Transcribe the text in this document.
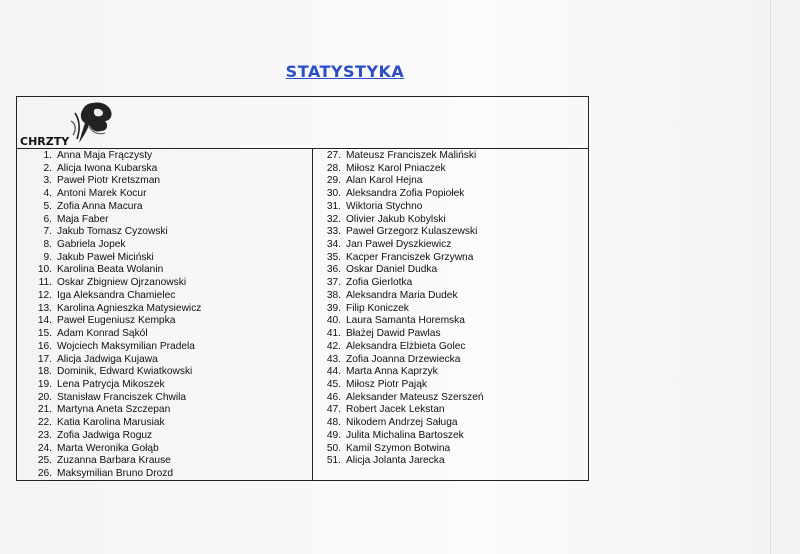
STATYSTYKA
CHRZTY
1. Anna Maja Frączysty
2. Alicja Iwona Kubarska
3. Paweł Piotr Kretszman
4. Antoni Marek Kocur
5. Zofia Anna Macura
6. Maja Faber
7. Jakub Tomasz Cyzowski
8. Gabriela Jopek
9. Jakub Paweł Miciński
10. Karolina Beata Wolanin
11. Oskar Zbigniew Ojrzanowski
12. Iga Aleksandra Chamielec
13. Karolina Agnieszka Matysiewicz
14. Paweł Eugeniusz Kempka
15. Adam Konrad Sąkól
16. Wojciech Maksymilian Pradela
17. Alicja Jadwiga Kujawa
18. Dominik, Edward Kwiatkowski
19. Lena Patrycja Mikoszek
20. Stanisław Franciszek Chwila
21. Martyna Aneta Szczepan
22. Katia Karolina Marusiak
23. Zofia Jadwiga Roguz
24. Marta Weronika Gołąb
25. Zuzanna Barbara Krause
26. Maksymilian Bruno Drozd
27. Mateusz Franciszek Maliński
28. Miłosz Karol Pniaczek
29. Alan Karol Hejna
30. Aleksandra Zofia Popiołek
31. Wiktoria Stychno
32. Olivier Jakub Kobylski
33. Paweł Grzegorz Kulaszewski
34. Jan Paweł Dyszkiewicz
35. Kacper Franciszek Grzywna
36. Oskar Daniel Dudka
37. Zofia Gierlotka
38. Aleksandra Maria Dudek
39. Filip Koniczek
40. Laura Samanta Horemska
41. Błażej Dawid Pawlas
42. Aleksandra Elżbieta Golec
43. Zofia Joanna Drzewiecka
44. Marta Anna Kaprzyk
45. Miłosz Piotr Pająk
46. Aleksander Mateusz Szerszeń
47. Robert Jacek Lekstan
48. Nikodem Andrzej Saługa
49. Julita Michalina Bartoszek
50. Kamil Szymon Botwina
51. Alicja Jolanta Jarecka
